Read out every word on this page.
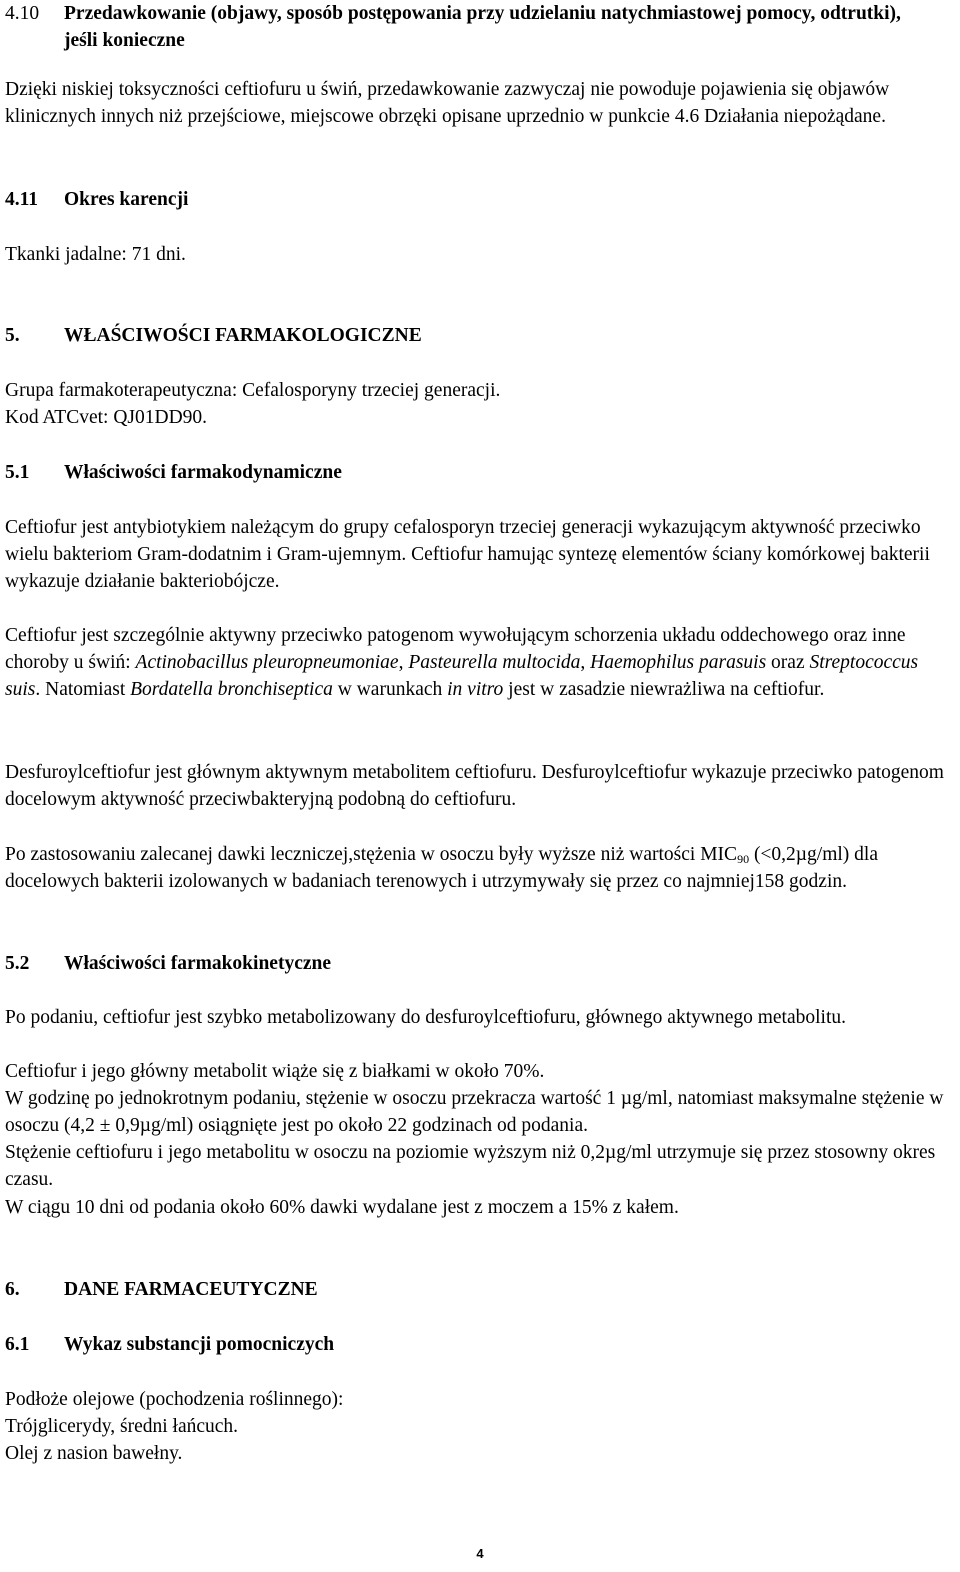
4.10 Przedawkowanie (objawy, sposób postępowania przy udzielaniu natychmiastowej pomocy, odtrutki), jeśli konieczne
Dzięki niskiej toksyczności ceftiofuru u świń, przedawkowanie zazwyczaj nie powoduje pojawienia się objawów klinicznych innych niż przejściowe, miejscowe obrzęki opisane uprzednio w punkcie 4.6 Działania niepożądane.
4.11 Okres karencji
Tkanki jadalne: 71 dni.
5. WŁAŚCIWOŚCI FARMAKOLOGICZNE
Grupa farmakoterapeutyczna: Cefalosporyny trzeciej generacji.
Kod ATCvet: QJ01DD90.
5.1 Właściwości farmakodynamiczne
Ceftiofur jest antybiotykiem należącym do grupy cefalosporyn trzeciej generacji wykazującym aktywność przeciwko wielu bakteriom Gram-dodatnim i Gram-ujemnym. Ceftiofur hamując syntezę elementów ściany komórkowej bakterii wykazuje działanie bakteriobójcze.
Ceftiofur jest szczególnie aktywny przeciwko patogenom wywołującym schorzenia układu oddechowego oraz inne choroby u świń: Actinobacillus pleuropneumoniae, Pasteurella multocida, Haemophilus parasuis oraz Streptococcus suis. Natomiast Bordatella bronchiseptica w warunkach in vitro jest w zasadzie niewrażliwa na ceftiofur.
Desfuroylceftiofur jest głównym aktywnym metabolitem ceftiofuru. Desfuroylceftiofur wykazuje przeciwko patogenom docelowym aktywność przeciwbakteryjną podobną do ceftiofuru.
Po zastosowaniu zalecanej dawki leczniczej,stężenia w osoczu były wyższe niż wartości $MIC_{90}$ (<0,2µg/ml) dla docelowych bakterii izolowanych w badaniach terenowych i utrzymywały się przez co najmniej158 godzin.
5.2 Właściwości farmakokinetyczne
Po podaniu, ceftiofur jest szybko metabolizowany do desfuroylceftiofuru, głównego aktywnego metabolitu.
Ceftiofur i jego główny metabolit wiąże się z białkami w około 70%.
W godzinę po jednokrotnym podaniu, stężenie w osoczu przekracza wartość 1 µg/ml, natomiast maksymalne stężenie w osoczu (4,2 ± 0,9µg/ml) osiągnięte jest po około 22 godzinach od podania.
Stężenie ceftiofuru i jego metabolitu w osoczu na poziomie wyższym niż 0,2µg/ml utrzymuje się przez stosowny okres czasu.
W ciągu 10 dni od podania około 60% dawki wydalane jest z moczem a 15% z kałem.
6. DANE FARMACEUTYCZNE
6.1 Wykaz substancji pomocniczych
Podłoże olejowe (pochodzenia roślinnego):
Trójglicerydy, średni łańcuch.
Olej z nasion bawełny.
4
